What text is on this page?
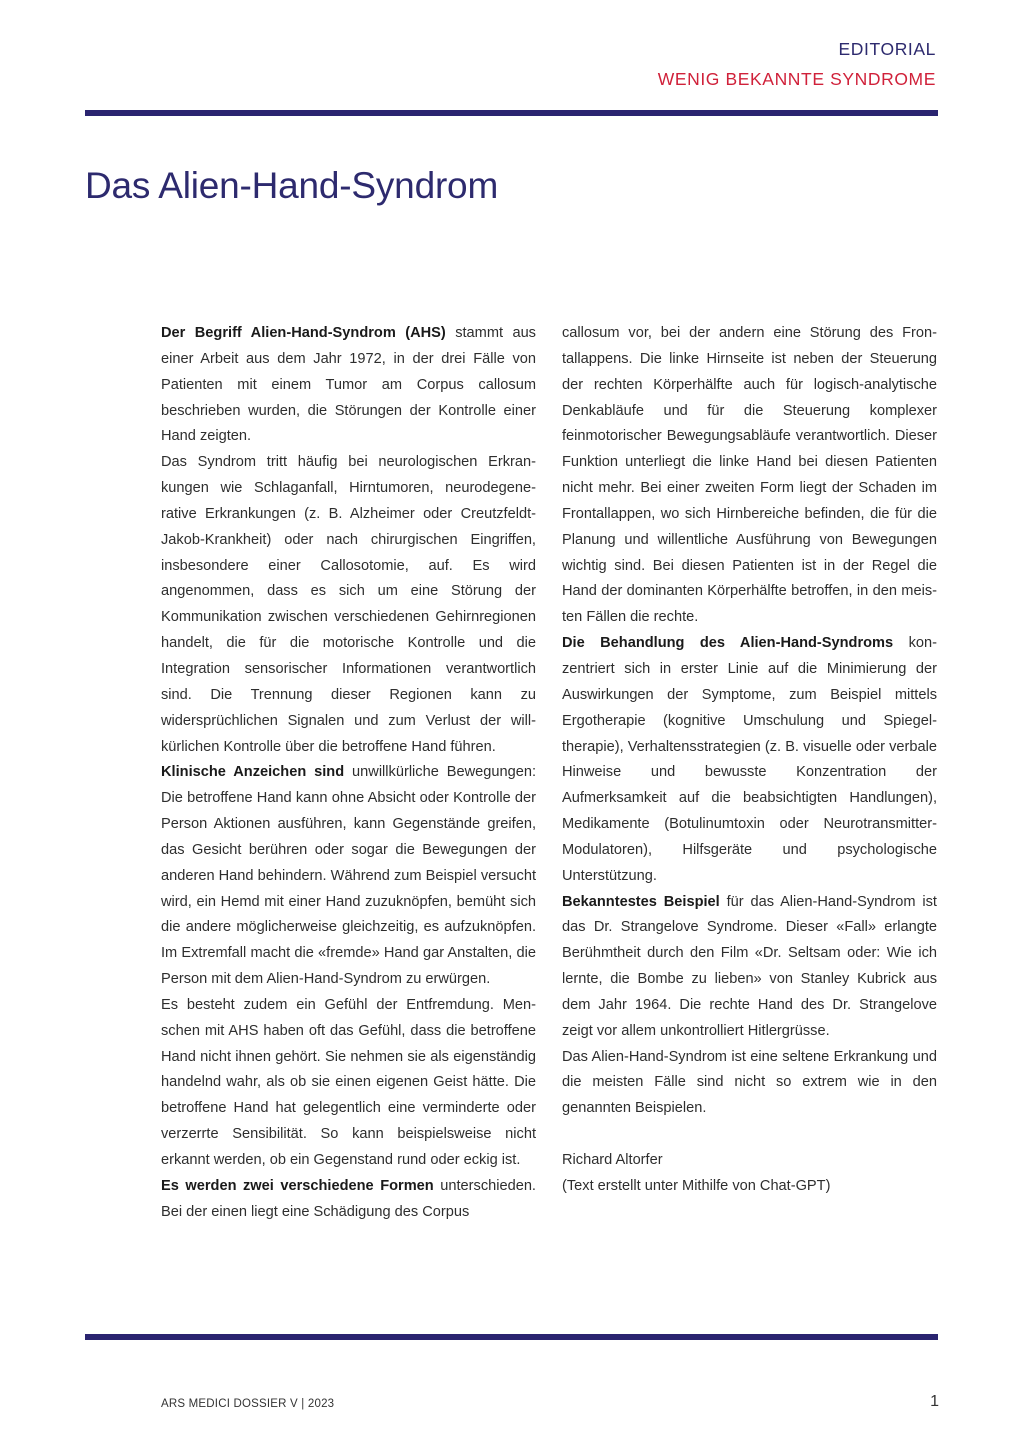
EDITORIAL
WENIG BEKANNTE SYNDROME
Das Alien-Hand-Syndrom

Der Begriff Alien-Hand-Syndrom (AHS) stammt aus einer Arbeit aus dem Jahr 1972, in der drei Fälle von Patienten mit einem Tumor am Corpus callosum beschrieben wurden, die Störungen der Kontrolle einer Hand zeigten.

Das Syndrom tritt häufig bei neurologischen Erkrankungen wie Schlaganfall, Hirntumoren, neurodegenerative Erkrankungen (z. B. Alzheimer oder Creutzfeldt-Jakob-Krankheit) oder nach chirurgischen Eingriffen, insbesondere einer Callosotomie, auf. Es wird angenommen, dass es sich um eine Störung der Kommunikation zwischen verschiedenen Gehirnregionen handelt, die für die motorische Kontrolle und die Integration sensorischer Informationen verantwortlich sind. Die Trennung dieser Regionen kann zu widersprüchlichen Signalen und zum Verlust der willkürlichen Kontrolle über die betroffene Hand führen.

Klinische Anzeichen sind unwillkürliche Bewegungen: Die betroffene Hand kann ohne Absicht oder Kontrolle der Person Aktionen ausführen, kann Gegenstände greifen, das Gesicht berühren oder sogar die Bewegungen der anderen Hand behindern. Während zum Beispiel versucht wird, ein Hemd mit einer Hand zuzuknöpfen, bemüht sich die andere möglicherweise gleichzeitig, es aufzuknöpfen. Im Extremfall macht die «fremde» Hand gar Anstalten, die Person mit dem Alien-Hand-Syndrom zu erwürgen.

Es besteht zudem ein Gefühl der Entfremdung. Menschen mit AHS haben oft das Gefühl, dass die betroffene Hand nicht ihnen gehört. Sie nehmen sie als eigenständig handelnd wahr, als ob sie einen eigenen Geist hätte. Die betroffene Hand hat gelegentlich eine verminderte oder verzerrte Sensibilität. So kann beispielsweise nicht erkannt werden, ob ein Gegenstand rund oder eckig ist.

Es werden zwei verschiedene Formen unterschieden. Bei der einen liegt eine Schädigung des Corpus

callosum vor, bei der andern eine Störung des Frontallappens. Die linke Hirnseite ist neben der Steuerung der rechten Körperhälfte auch für logisch-analytische Denkabläufe und für die Steuerung komplexer feinmotorischer Bewegungsabläufe verantwortlich. Dieser Funktion unterliegt die linke Hand bei diesen Patienten nicht mehr. Bei einer zweiten Form liegt der Schaden im Frontallappen, wo sich Hirnbereiche befinden, die für die Planung und willentliche Ausführung von Bewegungen wichtig sind. Bei diesen Patienten ist in der Regel die Hand der dominanten Körperhälfte betroffen, in den meisten Fällen die rechte.

Die Behandlung des Alien-Hand-Syndroms konzentriert sich in erster Linie auf die Minimierung der Auswirkungen der Symptome, zum Beispiel mittels Ergotherapie (kognitive Umschulung und Spiegeltherapie), Verhaltensstrategien (z. B. visuelle oder verbale Hinweise und bewusste Konzentration der Aufmerksamkeit auf die beabsichtigten Handlungen), Medikamente (Botulinumtoxin oder Neurotransmitter-Modulatoren), Hilfsgeräte und psychologische Unterstützung.

Bekanntestes Beispiel für das Alien-Hand-Syndrom ist das Dr. Strangelove Syndrome. Dieser «Fall» erlangte Berühmtheit durch den Film «Dr. Seltsam oder: Wie ich lernte, die Bombe zu lieben» von Stanley Kubrick aus dem Jahr 1964. Die rechte Hand des Dr. Strangelove zeigt vor allem unkontrolliert Hitlergrüsse.

Das Alien-Hand-Syndrom ist eine seltene Erkrankung und die meisten Fälle sind nicht so extrem wie in den genannten Beispielen.

Richard Altorfer
(Text erstellt unter Mithilfe von Chat-GPT)

ARS MEDICI DOSSIER V | 2023	1
